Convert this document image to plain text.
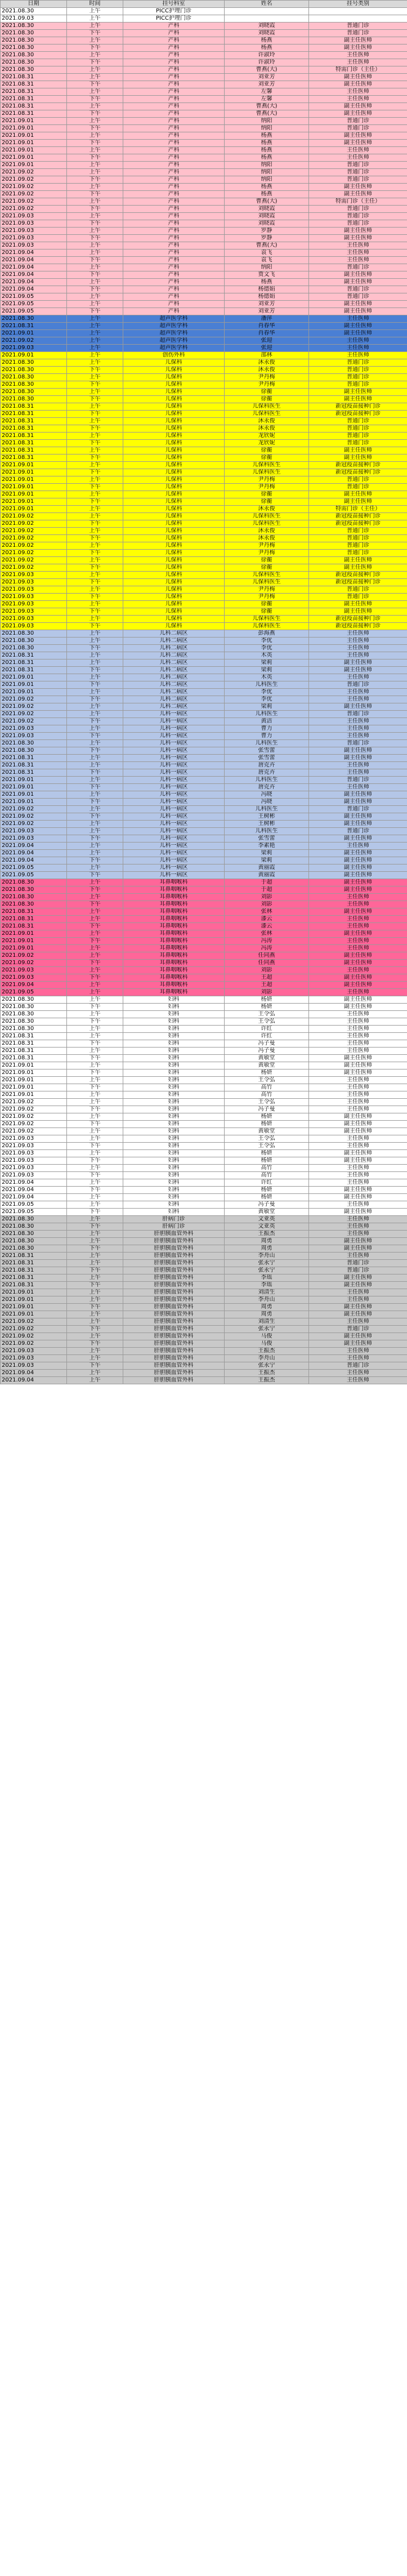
日期	时间	挂号科室	姓名	挂号类别
2021.08.30	上午	PICC护理门诊		
2021.09.03	上午	PICC护理门诊		
2021.08.30	上午	产科	刘晓霞	普通门诊
2021.08.30	下午	产科	刘晓霞	普通门诊
2021.08.30	上午	产科	杨燕	副主任医师
2021.08.30	下午	产科	杨燕	副主任医师
2021.08.30	上午	产科	许淑玲	主任医师
2021.08.30	下午	产科	许淑玲	主任医师
2021.08.30	上午	产科	曹燕(大)	特需门诊（主任）
2021.08.31	上午	产科	刘亚芳	副主任医师
2021.08.31	下午	产科	刘亚芳	副主任医师
2021.08.31	上午	产科	左馨	主任医师
2021.08.31	下午	产科	左馨	主任医师
2021.08.31	上午	产科	曹燕(大)	副主任医师
2021.08.31	下午	产科	曹燕(大)	副主任医师
2021.09.01	上午	产科	纳阳	普通门诊
2021.09.01	下午	产科	纳阳	普通门诊
2021.09.01	上午	产科	杨燕	副主任医师
2021.09.01	下午	产科	杨燕	副主任医师
2021.09.01	上午	产科	杨燕	主任医师
2021.09.01	下午	产科	杨燕	主任医师
2021.09.01	上午	产科	纳阳	普通门诊
2021.09.02	上午	产科	纳阳	普通门诊
2021.09.02	下午	产科	纳阳	普通门诊
2021.09.02	上午	产科	杨燕	副主任医师
2021.09.02	下午	产科	杨燕	副主任医师
2021.09.02	上午	产科	曹燕(大)	特需门诊（主任）
2021.09.02	下午	产科	刘晓霞	普通门诊
2021.09.03	上午	产科	刘晓霞	普通门诊
2021.09.03	下午	产科	刘晓霞	普通门诊
2021.09.03	上午	产科	罗静	副主任医师
2021.09.03	下午	产科	罗静	副主任医师
2021.09.03	上午	产科	曹燕(大)	主任医师
2021.09.04	上午	产科	袁飞	主任医师
2021.09.04	下午	产科	袁飞	主任医师
2021.09.04	上午	产科	纳阳	普通门诊
2021.09.04	下午	产科	贾文飞	副主任医师
2021.09.04	上午	产科	杨燕	副主任医师
2021.09.04	下午	产科	杨德娟	普通门诊
2021.09.05	上午	产科	杨德娟	普通门诊
2021.09.05	上午	产科	刘亚芳	副主任医师
2021.09.05	下午	产科	刘亚芳	副主任医师
2021.08.30	上午	超声医学科	潘萍	主任医师
2021.08.31	上午	超声医学科	肖春华	副主任医师
2021.09.01	上午	超声医学科	肖春华	副主任医师
2021.09.02	上午	超声医学科	张迎	主任医师
2021.09.03	上午	超声医学科	张迎	主任医师
2021.09.01	上午	创伤外科	邵林	主任医师
2021.08.30	上午	儿保科	沐永俊	普通门诊
2021.08.30	下午	儿保科	沐永俊	普通门诊
2021.08.30	上午	儿保科	尹丹梅	普通门诊
2021.08.30	下午	儿保科	尹丹梅	普通门诊
2021.08.30	上午	儿保科	徐蘅	副主任医师
2021.08.30	下午	儿保科	徐蘅	副主任医师
2021.08.31	上午	儿保科	儿保科医生	新冠疫苗接种门诊
2021.08.31	下午	儿保科	儿保科医生	新冠疫苗接种门诊
2021.08.31	上午	儿保科	沐永俊	普通门诊
2021.08.31	下午	儿保科	沐永俊	普通门诊
2021.08.31	上午	儿保科	龙欣妮	普通门诊
2021.08.31	下午	儿保科	龙欣妮	普通门诊
2021.08.31	上午	儿保科	徐蘅	副主任医师
2021.08.31	下午	儿保科	徐蘅	副主任医师
2021.09.01	上午	儿保科	儿保科医生	新冠疫苗接种门诊
2021.09.01	下午	儿保科	儿保科医生	新冠疫苗接种门诊
2021.09.01	上午	儿保科	尹丹梅	普通门诊
2021.09.01	下午	儿保科	尹丹梅	普通门诊
2021.09.01	上午	儿保科	徐蘅	副主任医师
2021.09.01	下午	儿保科	徐蘅	副主任医师
2021.09.01	上午	儿保科	沐永俊	特需门诊（主任）
2021.09.02	上午	儿保科	儿保科医生	新冠疫苗接种门诊
2021.09.02	下午	儿保科	儿保科医生	新冠疫苗接种门诊
2021.09.02	上午	儿保科	沐永俊	普通门诊
2021.09.02	下午	儿保科	沐永俊	普通门诊
2021.09.02	上午	儿保科	尹丹梅	普通门诊
2021.09.02	下午	儿保科	尹丹梅	普通门诊
2021.09.02	上午	儿保科	徐蘅	副主任医师
2021.09.02	下午	儿保科	徐蘅	副主任医师
2021.09.03	上午	儿保科	儿保科医生	新冠疫苗接种门诊
2021.09.03	下午	儿保科	儿保科医生	新冠疫苗接种门诊
2021.09.03	上午	儿保科	尹丹梅	普通门诊
2021.09.03	下午	儿保科	尹丹梅	普通门诊
2021.09.03	上午	儿保科	徐蘅	副主任医师
2021.09.03	下午	儿保科	徐蘅	副主任医师
2021.09.03	上午	儿保科	儿保科医生	新冠疫苗接种门诊
2021.09.03	下午	儿保科	儿保科医生	新冠疫苗接种门诊
2021.08.30	上午	儿科二病区	彭海燕	主任医师
2021.08.30	上午	儿科二病区	李优	主任医师
2021.08.30	下午	儿科二病区	李优	主任医师
2021.08.31	上午	儿科二病区	木英	主任医师
2021.08.31	上午	儿科二病区	梁莉	副主任医师
2021.08.31	下午	儿科二病区	梁莉	副主任医师
2021.09.01	上午	儿科二病区	木英	主任医师
2021.09.01	下午	儿科二病区	儿科医生	普通门诊
2021.09.01	上午	儿科二病区	李优	主任医师
2021.09.02	下午	儿科二病区	李优	主任医师
2021.09.02	上午	儿科二病区	梁莉	副主任医师
2021.09.02	上午	儿科一病区	儿科医生	普通门诊
2021.09.02	下午	儿科一病区	黄洁	主任医师
2021.09.03	上午	儿科一病区	曹力	主任医师
2021.09.03	下午	儿科一病区	曹力	主任医师
2021.08.30	上午	儿科一病区	儿科医生	普通门诊
2021.08.30	下午	儿科一病区	张雪蕾	副主任医师
2021.08.31	上午	儿科一病区	张雪蕾	副主任医师
2021.08.31	上午	儿科一病区	唐克卉	主任医师
2021.08.31	下午	儿科一病区	唐克卉	主任医师
2021.09.01	上午	儿科一病区	儿科医生	普通门诊
2021.09.01	下午	儿科一病区	唐克卉	主任医师
2021.09.01	上午	儿科一病区	冯晓	副主任医师
2021.09.01	下午	儿科一病区	冯晓	副主任医师
2021.09.02	上午	儿科一病区	儿科医生	普通门诊
2021.09.02	下午	儿科一病区	王树彬	副主任医师
2021.09.02	上午	儿科一病区	王树彬	副主任医师
2021.09.03	上午	儿科一病区	儿科医生	普通门诊
2021.09.03	下午	儿科一病区	张雪蕾	副主任医师
2021.09.04	上午	儿科一病区	李素艳	主任医师
2021.09.04	上午	儿科一病区	梁莉	副主任医师
2021.09.04	下午	儿科一病区	梁莉	副主任医师
2021.09.05	上午	儿科一病区	黄丽霞	副主任医师
2021.09.05	下午	儿科一病区	黄丽霞	副主任医师
2021.08.30	上午	耳鼻咽喉科	于超	副主任医师
2021.08.30	下午	耳鼻咽喉科	于超	副主任医师
2021.08.30	上午	耳鼻咽喉科	刘影	主任医师
2021.08.30	下午	耳鼻咽喉科	刘影	主任医师
2021.08.31	上午	耳鼻咽喉科	张林	副主任医师
2021.08.31	上午	耳鼻咽喉科	漆云	主任医师
2021.08.31	下午	耳鼻咽喉科	漆云	主任医师
2021.09.01	上午	耳鼻咽喉科	张林	副主任医师
2021.09.01	下午	耳鼻咽喉科	冯涛	主任医师
2021.09.01	上午	耳鼻咽喉科	冯涛	主任医师
2021.09.02	上午	耳鼻咽喉科	任同燕	副主任医师
2021.09.02	下午	耳鼻咽喉科	任同燕	副主任医师
2021.09.03	上午	耳鼻咽喉科	刘影	主任医师
2021.09.03	下午	耳鼻咽喉科	王超	副主任医师
2021.09.04	上午	耳鼻咽喉科	王超	副主任医师
2021.09.05	上午	耳鼻咽喉科	刘影	主任医师
2021.08.30	上午	妇科	杨妍	副主任医师
2021.08.30	下午	妇科	杨妍	副主任医师
2021.08.30	上午	妇科	王令弘	主任医师
2021.08.30	下午	妇科	王令弘	主任医师
2021.08.30	上午	妇科	许红	主任医师
2021.08.31	上午	妇科	许红	主任医师
2021.08.31	下午	妇科	冯子曼	主任医师
2021.08.31	上午	妇科	冯子曼	主任医师
2021.08.31	下午	妇科	黄敏堂	副主任医师
2021.09.01	上午	妇科	黄敏堂	副主任医师
2021.09.01	下午	妇科	杨妍	副主任医师
2021.09.01	上午	妇科	王令弘	主任医师
2021.09.01	下午	妇科	高竹	主任医师
2021.09.01	上午	妇科	高竹	主任医师
2021.09.02	上午	妇科	王令弘	主任医师
2021.09.02	下午	妇科	冯子曼	主任医师
2021.09.02	上午	妇科	杨妍	副主任医师
2021.09.02	下午	妇科	杨妍	副主任医师
2021.09.02	上午	妇科	黄敏堂	副主任医师
2021.09.03	上午	妇科	王令弘	主任医师
2021.09.03	下午	妇科	王令弘	主任医师
2021.09.03	上午	妇科	杨妍	副主任医师
2021.09.03	下午	妇科	杨妍	副主任医师
2021.09.03	上午	妇科	高竹	主任医师
2021.09.03	下午	妇科	高竹	主任医师
2021.09.04	上午	妇科	许红	主任医师
2021.09.04	下午	妇科	杨妍	副主任医师
2021.09.04	上午	妇科	杨妍	副主任医师
2021.09.05	上午	妇科	冯子曼	主任医师
2021.09.05	下午	妇科	黄敏堂	副主任医师
2021.08.30	上午	肝病门诊	文亚英	主任医师
2021.08.30	下午	肝病门诊	文亚英	主任医师
2021.08.30	上午	肝胆胰血管外科	王振杰	主任医师
2021.08.30	上午	肝胆胰血管外科	周勇	副主任医师
2021.08.30	下午	肝胆胰血管外科	周勇	副主任医师
2021.08.31	上午	肝胆胰血管外科	李舟山	主任医师
2021.08.31	上午	肝胆胰血管外科	张永宁	普通门诊
2021.08.31	下午	肝胆胰血管外科	张永宁	普通门诊
2021.08.31	上午	肝胆胰血管外科	李瑶	副主任医师
2021.08.31	下午	肝胆胰血管外科	李瑶	副主任医师
2021.09.01	上午	肝胆胰血管外科	刘清生	主任医师
2021.09.01	上午	肝胆胰血管外科	李舟山	主任医师
2021.09.01	下午	肝胆胰血管外科	周勇	副主任医师
2021.09.01	上午	肝胆胰血管外科	周勇	副主任医师
2021.09.02	上午	肝胆胰血管外科	刘清生	主任医师
2021.09.02	下午	肝胆胰血管外科	张永宁	普通门诊
2021.09.02	上午	肝胆胰血管外科	马俊	副主任医师
2021.09.02	下午	肝胆胰血管外科	马俊	副主任医师
2021.09.03	上午	肝胆胰血管外科	王振杰	主任医师
2021.09.03	上午	肝胆胰血管外科	李舟山	主任医师
2021.09.03	下午	肝胆胰血管外科	张永宁	普通门诊
2021.09.04	上午	肝胆胰血管外科	王振杰	主任医师
2021.09.04	上午	肝胆胰血管外科	王振杰	主任医师
